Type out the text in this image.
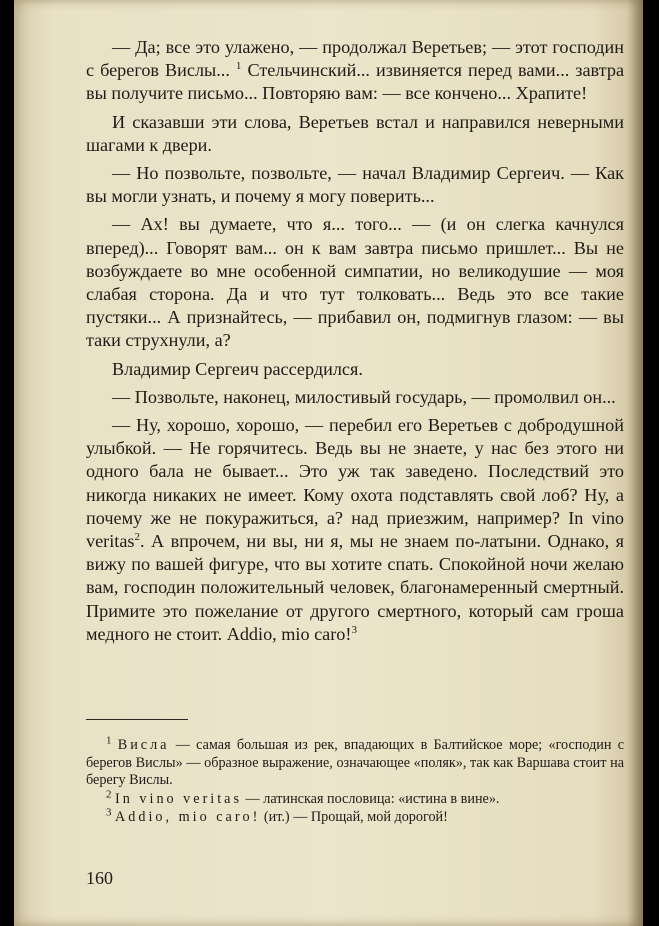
— Да; все это улажено, — продолжал Веретьев; — этот господин с берегов Вислы... $^1$ Стельчинский... извиняется перед вами... завтра вы получите письмо... Повторяю вам: — все кончено... Храпите!

И сказавши эти слова, Веретьев встал и направился неверными шагами к двери.

— Но позвольте, позвольте, — начал Владимир Сергеич. — Как вы могли узнать, и почему я могу поверить...

— Ах! вы думаете, что я... того... — (и он слегка качнулся вперед)... Говорят вам... он к вам завтра письмо пришлет... Вы не возбуждаете во мне особенной симпатии, но великодушие — моя слабая сторона. Да и что тут толковать... Ведь это все такие пустяки... А признайтесь, — прибавил он, подмигнув глазом: — вы таки струхнули, а?

Владимир Сергеич рассердился.

— Позвольте, наконец, милостивый государь, — промолвил он...

— Ну, хорошо, хорошо, — перебил его Веретьев с добродушной улыбкой. — Не горячитесь. Ведь вы не знаете, у нас без этого ни одного бала не бывает... Это уж так заведено. Последствий это никогда никаких не имеет. Кому охота подставлять свой лоб? Ну, а почему же не покуражиться, а? над приезжим, например? In vino veritas$^2$. А впрочем, ни вы, ни я, мы не знаем по-латыни. Однако, я вижу по вашей фигуре, что вы хотите спать. Спокойной ночи желаю вам, господин положительный человек, благонамеренный смертный. Примите это пожелание от другого смертного, который сам гроша медного не стоит. Addio, mio caro!$^3$

$^1$ Висла — самая большая из рек, впадающих в Балтийское море; «господин с берегов Вислы» — образное выражение, означающее «поляк», так как Варшава стоит на берегу Вислы.

$^2$ In vino veritas — латинская пословица: «истина в вине».

$^3$ Addio, mio caro! (ит.) — Прощай, мой дорогой!

160
